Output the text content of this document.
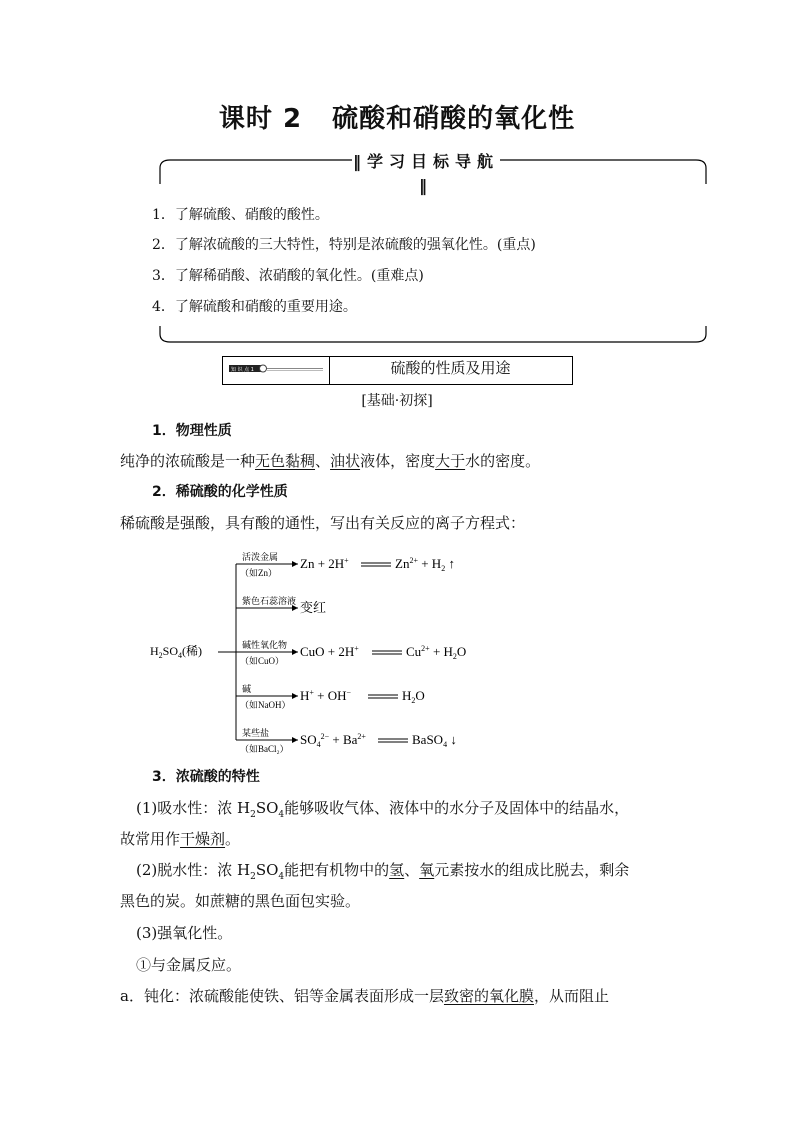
课时 2 硫酸和硝酸的氧化性
‖学习目标导航‖
1．了解硫酸、硝酸的酸性。
2．了解浓硫酸的三大特性，特别是浓硫酸的强氧化性。(重点)
3．了解稀硝酸、浓硝酸的氧化性。(重难点)
4．了解硫酸和硝酸的重要用途。
知 识 点 1	硫酸的性质及用途
[基础·初探]
1．物理性质
纯净的浓硫酸是一种无色黏稠、油状液体，密度大于水的密度。
2．稀硫酸的化学性质
稀硫酸是强酸，具有酸的通性，写出有关反应的离子方程式：
$H_2SO_4$(稀)
活泼金属
（如Zn）
Zn + 2H+	Zn2+ + H2 ↑
紫色石蕊溶液 变红
碱性氧化物
（如CuO）
CuO + 2H+	Cu2+ + H2O
碱
（如NaOH）
H+ + OH−	H2O
某些盐
（如BaCl₂）
SO42− + Ba2+	BaSO4 ↓
3．浓硫酸的特性
(1)吸水性：浓 $H_2SO_4$能够吸收气体、液体中的水分子及固体中的结晶水，
故常用作干燥剂。
(2)脱水性：浓 $H_2SO_4$能把有机物中的氢、氧元素按水的组成比脱去，剩余
黑色的炭。如蔗糖的黑色面包实验。
(3)强氧化性。
①与金属反应。
a．钝化：浓硫酸能使铁、铝等金属表面形成一层致密的氧化膜，从而阻止
